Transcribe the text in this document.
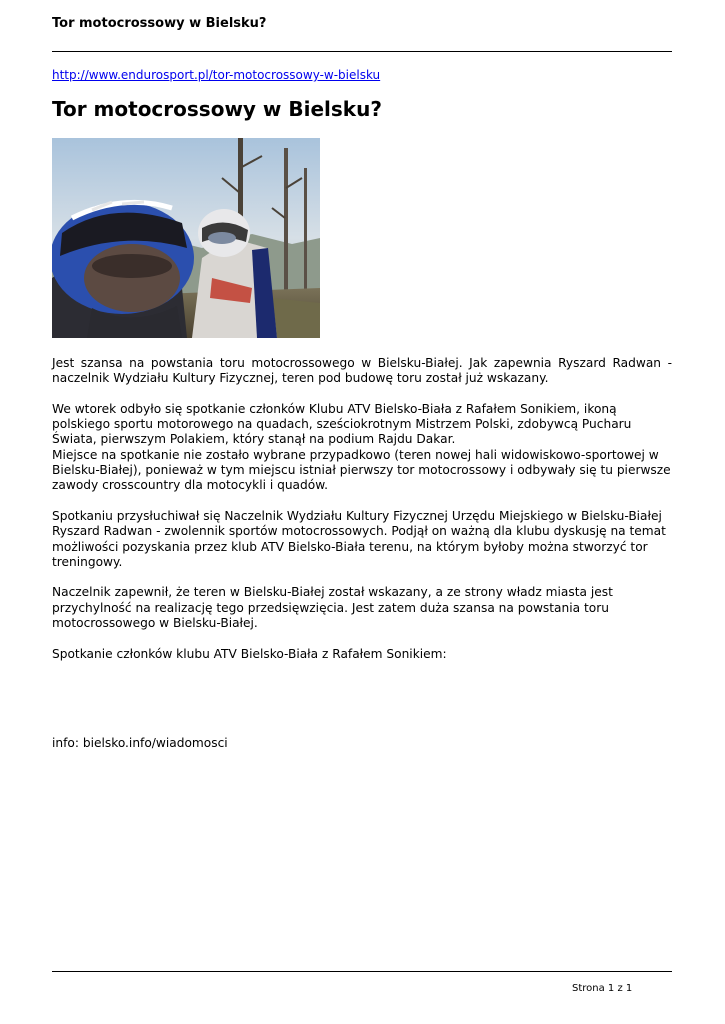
Tor motocrossowy w Bielsku?
http://www.endurosport.pl/tor-motocrossowy-w-bielsku
Tor motocrossowy w Bielsku?

Jest szansa na powstania toru motocrossowego w Bielsku-Białej. Jak zapewnia Ryszard Radwan - naczelnik Wydziału Kultury Fizycznej, teren pod budowę toru został już wskazany.

We wtorek odbyło się spotkanie członków Klubu ATV Bielsko-Biała z Rafałem Sonikiem, ikoną polskiego sportu motorowego na quadach, sześciokrotnym Mistrzem Polski, zdobywcą Pucharu Świata, pierwszym Polakiem, który stanął na podium Rajdu Dakar.

Miejsce na spotkanie nie zostało wybrane przypadkowo (teren nowej hali widowiskowo-sportowej w Bielsku-Białej), ponieważ w tym miejscu istniał pierwszy tor motocrossowy i odbywały się tu pierwsze zawody crosscountry dla motocykli i quadów.

Spotkaniu przysłuchiwał się Naczelnik Wydziału Kultury Fizycznej Urzędu Miejskiego w Bielsku-Białej Ryszard Radwan - zwolennik sportów motocrossowych. Podjął on ważną dla klubu dyskusję na temat możliwości pozyskania przez klub ATV Bielsko-Biała terenu, na którym byłoby można stworzyć tor treningowy.

Naczelnik zapewnił, że teren w Bielsku-Białej został wskazany, a ze strony władz miasta jest przychylność na realizację tego przedsięwzięcia. Jest zatem duża szansa na powstania toru motocrossowego w Bielsku-Białej.

Spotkanie członków klubu ATV Bielsko-Biała z Rafałem Sonikiem:

info: bielsko.info/wiadomosci
Strona 1 z 1
